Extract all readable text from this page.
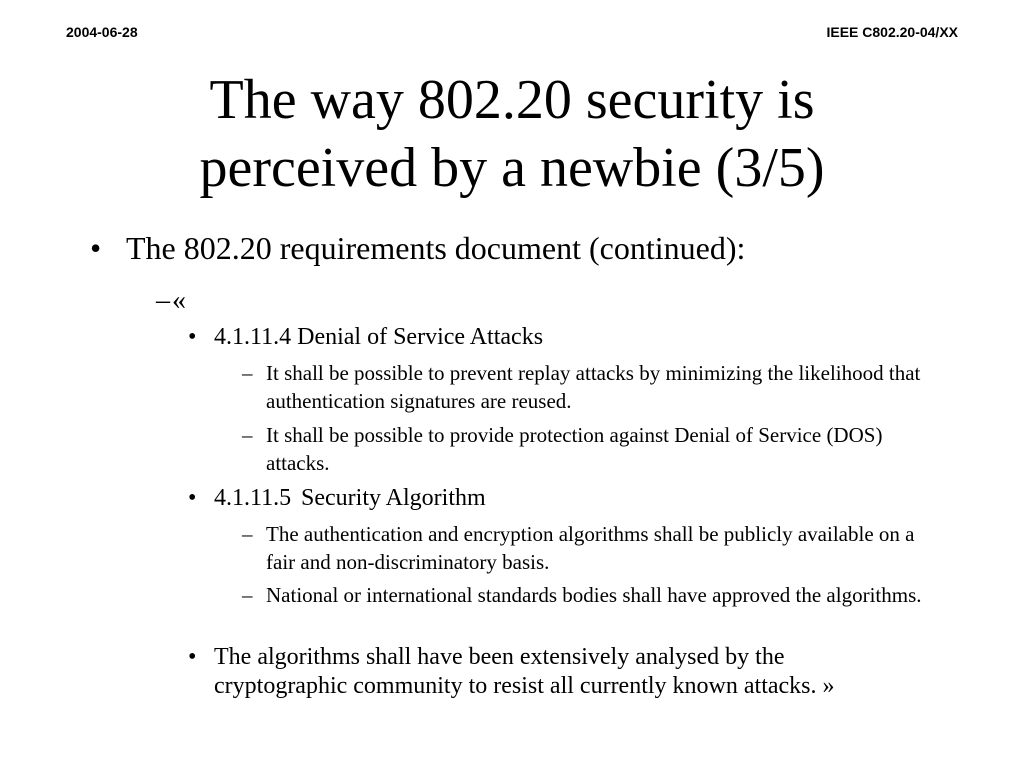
2004-06-28	IEEE C802.20-04/XX
The way 802.20 security is
perceived by a newbie (3/5)
• The 802.20 requirements document (continued):
– «
• 4.1.11.4 Denial of Service Attacks
– It shall be possible to prevent replay attacks by minimizing the likelihood that authentication signatures are reused.
– It shall be possible to provide protection against Denial of Service (DOS) attacks.
• 4.1.11.5 Security Algorithm
– The authentication and encryption algorithms shall be publicly available on a fair and non-discriminatory basis.
– National or international standards bodies shall have approved the algorithms.
• The algorithms shall have been extensively analysed by the cryptographic community to resist all currently known attacks. »
